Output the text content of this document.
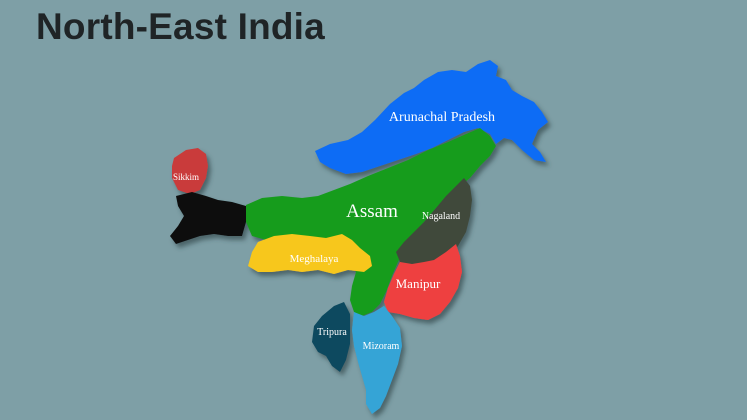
North-East India
Arunachal Pradesh
Assam Nagaland
Manipur
Meghalaya
Tripura
Mizoram
Sikkim
